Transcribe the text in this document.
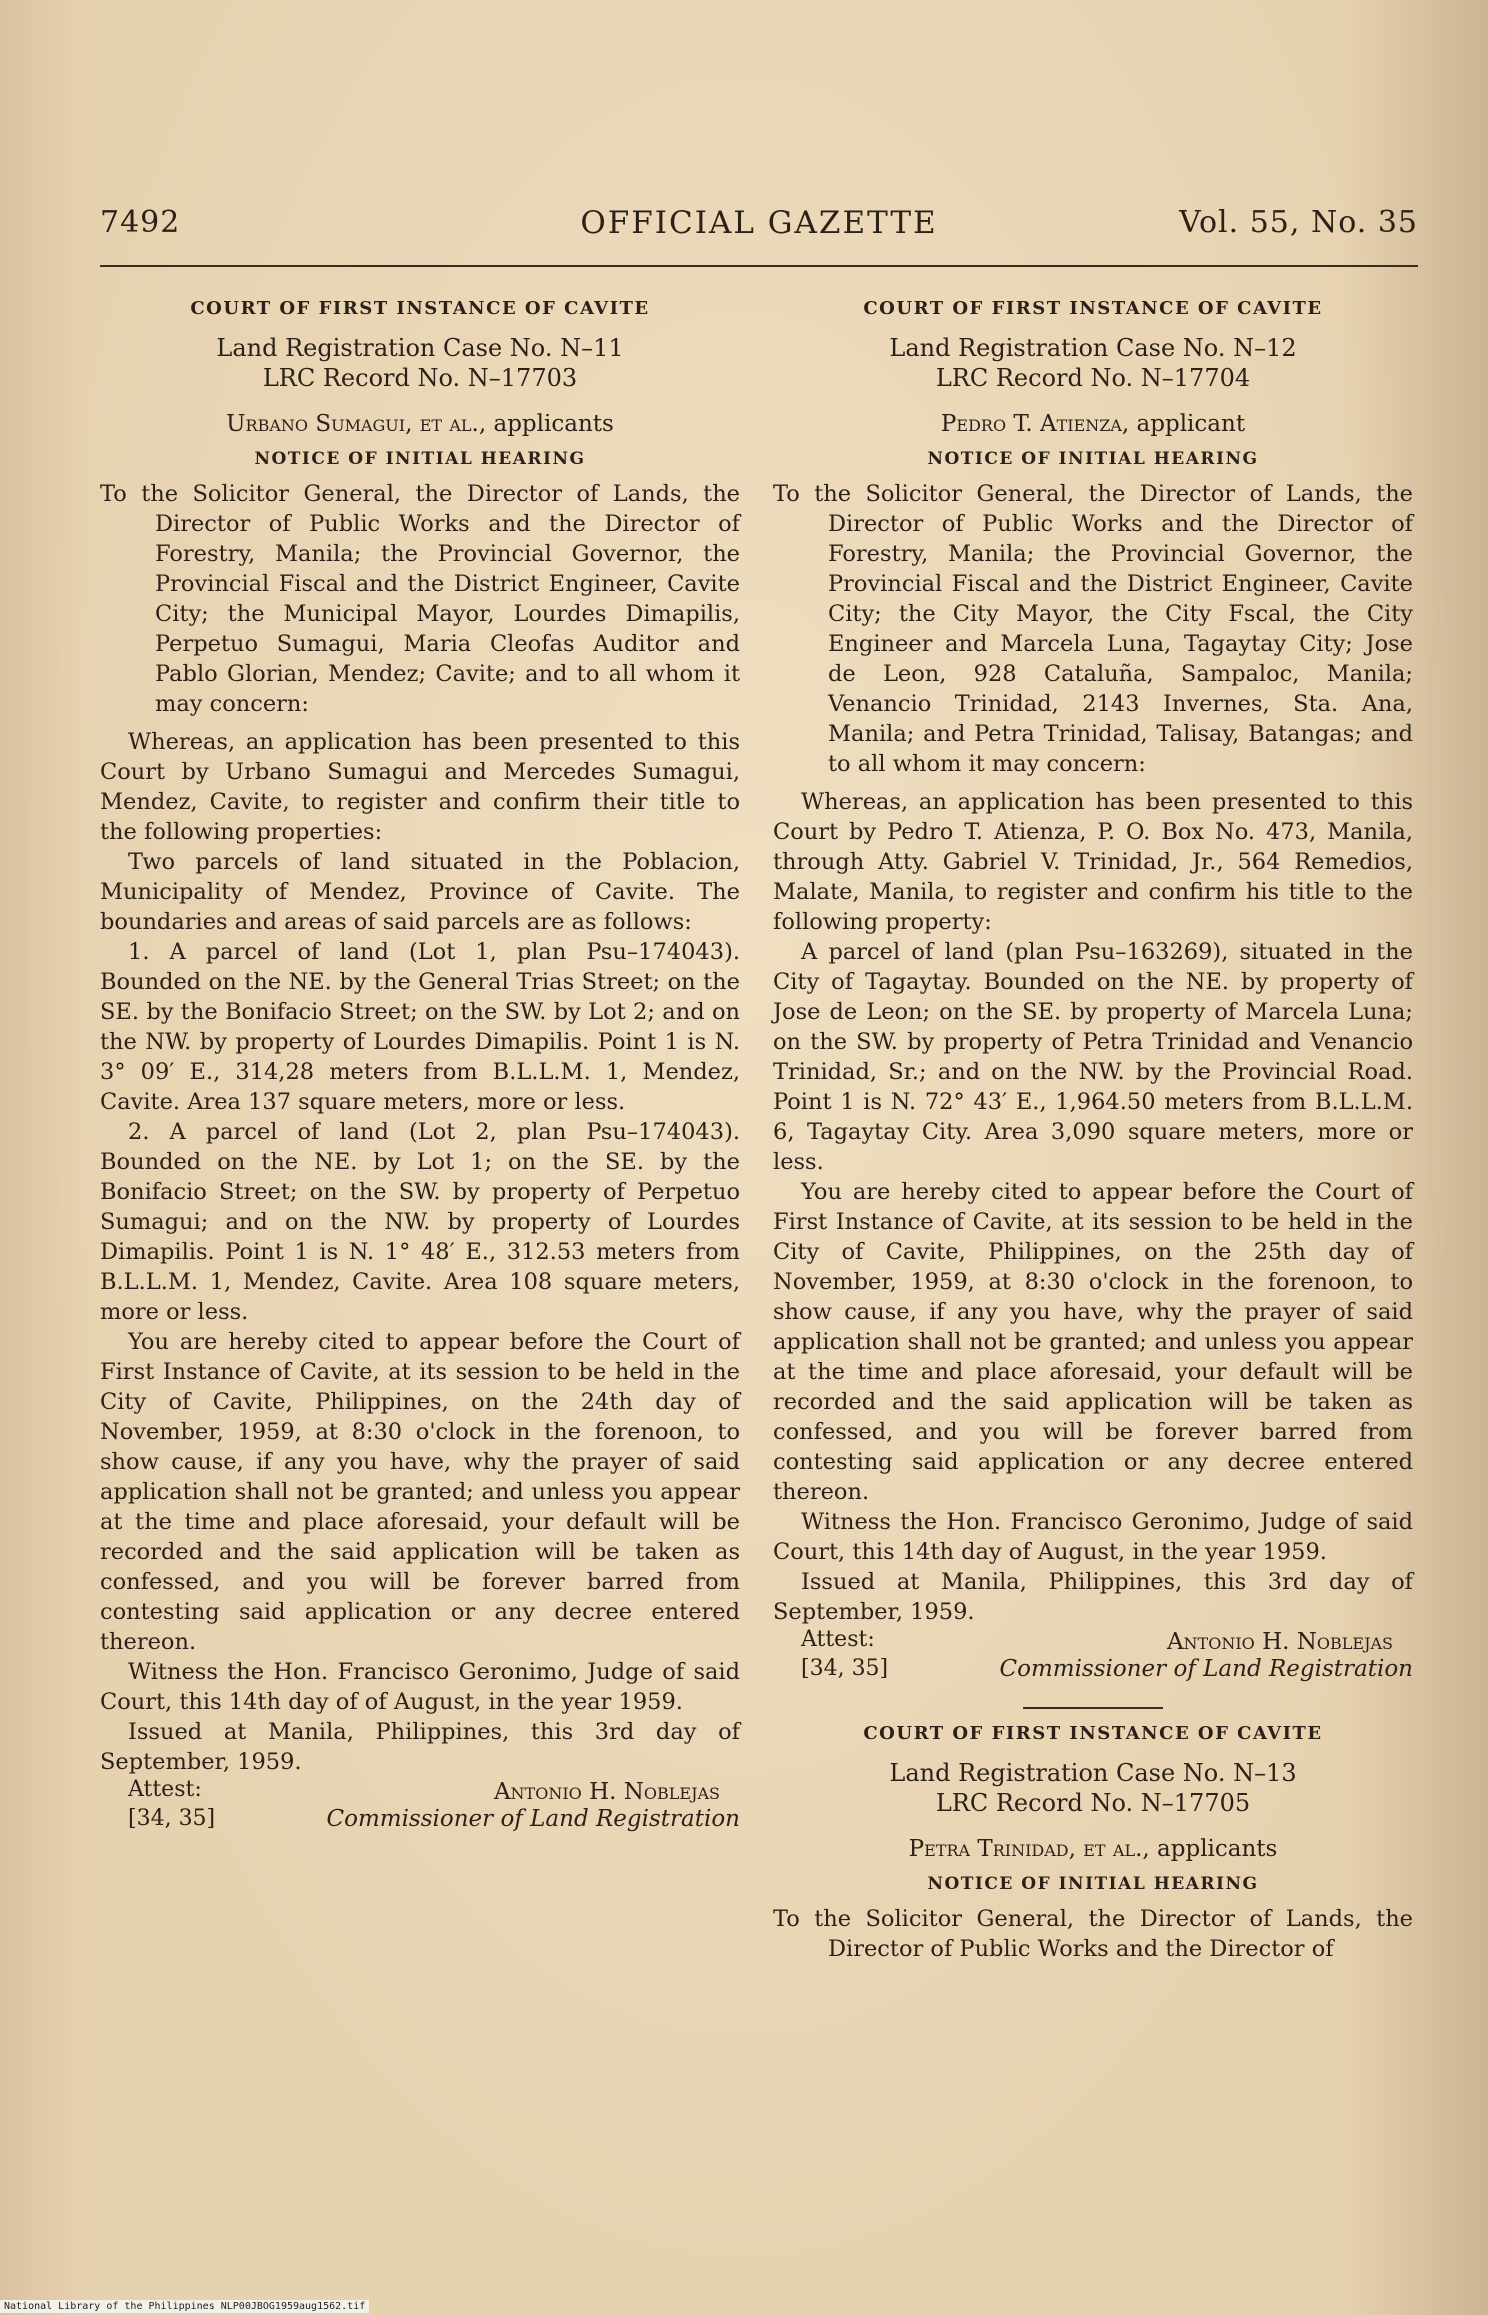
7492	OFFICIAL GAZETTE	Vol. 55, No. 35
COURT OF FIRST INSTANCE OF CAVITE
Land Registration Case No. N–11
LRC Record No. N–17703
Urbano Sumagui, et al., applicants
NOTICE OF INITIAL HEARING

To the Solicitor General, the Director of Lands, the Director of Public Works and the Director of Forestry, Manila; the Provincial Governor, the Provincial Fiscal and the District Engineer, Cavite City; the Municipal Mayor, Lourdes Dimapilis, Perpetuo Sumagui, Maria Cleofas Auditor and Pablo Glorian, Mendez; Cavite; and to all whom it may concern:

Whereas, an application has been presented to this Court by Urbano Sumagui and Mercedes Sumagui, Mendez, Cavite, to register and confirm their title to the following properties:

Two parcels of land situated in the Poblacion, Municipality of Mendez, Province of Cavite. The boundaries and areas of said parcels are as follows:

1. A parcel of land (Lot 1, plan Psu–174043). Bounded on the NE. by the General Trias Street; on the SE. by the Bonifacio Street; on the SW. by Lot 2; and on the NW. by property of Lourdes Dimapilis. Point 1 is N. 3° 09′ E., 314,28 meters from B.L.L.M. 1, Mendez, Cavite. Area 137 square meters, more or less.

2. A parcel of land (Lot 2, plan Psu–174043). Bounded on the NE. by Lot 1; on the SE. by the Bonifacio Street; on the SW. by property of Perpetuo Sumagui; and on the NW. by property of Lourdes Dimapilis. Point 1 is N. 1° 48′ E., 312.53 meters from B.L.L.M. 1, Mendez, Cavite. Area 108 square meters, more or less.

You are hereby cited to appear before the Court of First Instance of Cavite, at its session to be held in the City of Cavite, Philippines, on the 24th day of November, 1959, at 8:30 o'clock in the forenoon, to show cause, if any you have, why the prayer of said application shall not be granted; and unless you appear at the time and place aforesaid, your default will be recorded and the said application will be taken as confessed, and you will be forever barred from contesting said application or any decree entered thereon.

Witness the Hon. Francisco Geronimo, Judge of said Court, this 14th day of of August, in the year 1959.

Issued at Manila, Philippines, this 3rd day of September, 1959.

Attest:
[34, 35]
Antonio H. Noblejas
Commissioner of Land Registration
COURT OF FIRST INSTANCE OF CAVITE
Land Registration Case No. N–12
LRC Record No. N–17704
Pedro T. Atienza, applicant
NOTICE OF INITIAL HEARING

To the Solicitor General, the Director of Lands, the Director of Public Works and the Director of Forestry, Manila; the Provincial Governor, the Provincial Fiscal and the District Engineer, Cavite City; the City Mayor, the City Fscal, the City Engineer and Marcela Luna, Tagaytay City; Jose de Leon, 928 Cataluña, Sampaloc, Manila; Venancio Trinidad, 2143 Invernes, Sta. Ana, Manila; and Petra Trinidad, Talisay, Batangas; and to all whom it may concern:

Whereas, an application has been presented to this Court by Pedro T. Atienza, P. O. Box No. 473, Manila, through Atty. Gabriel V. Trinidad, Jr., 564 Remedios, Malate, Manila, to register and confirm his title to the following property:

A parcel of land (plan Psu–163269), situated in the City of Tagaytay. Bounded on the NE. by property of Jose de Leon; on the SE. by property of Marcela Luna; on the SW. by property of Petra Trinidad and Venancio Trinidad, Sr.; and on the NW. by the Provincial Road. Point 1 is N. 72° 43′ E., 1,964.50 meters from B.L.L.M. 6, Tagaytay City. Area 3,090 square meters, more or less.

You are hereby cited to appear before the Court of First Instance of Cavite, at its session to be held in the City of Cavite, Philippines, on the 25th day of November, 1959, at 8:30 o'clock in the forenoon, to show cause, if any you have, why the prayer of said application shall not be granted; and unless you appear at the time and place aforesaid, your default will be recorded and the said application will be taken as confessed, and you will be forever barred from contesting said application or any decree entered thereon.

Witness the Hon. Francisco Geronimo, Judge of said Court, this 14th day of August, in the year 1959.

Issued at Manila, Philippines, this 3rd day of September, 1959.

Attest:
[34, 35]
Antonio H. Noblejas
Commissioner of Land Registration
COURT OF FIRST INSTANCE OF CAVITE
Land Registration Case No. N–13
LRC Record No. N–17705
Petra Trinidad, et al., applicants
NOTICE OF INITIAL HEARING

To the Solicitor General, the Director of Lands, the Director of Public Works and the Director of

National Library of the Philippines NLP00JBOG1959aug1562.tif
